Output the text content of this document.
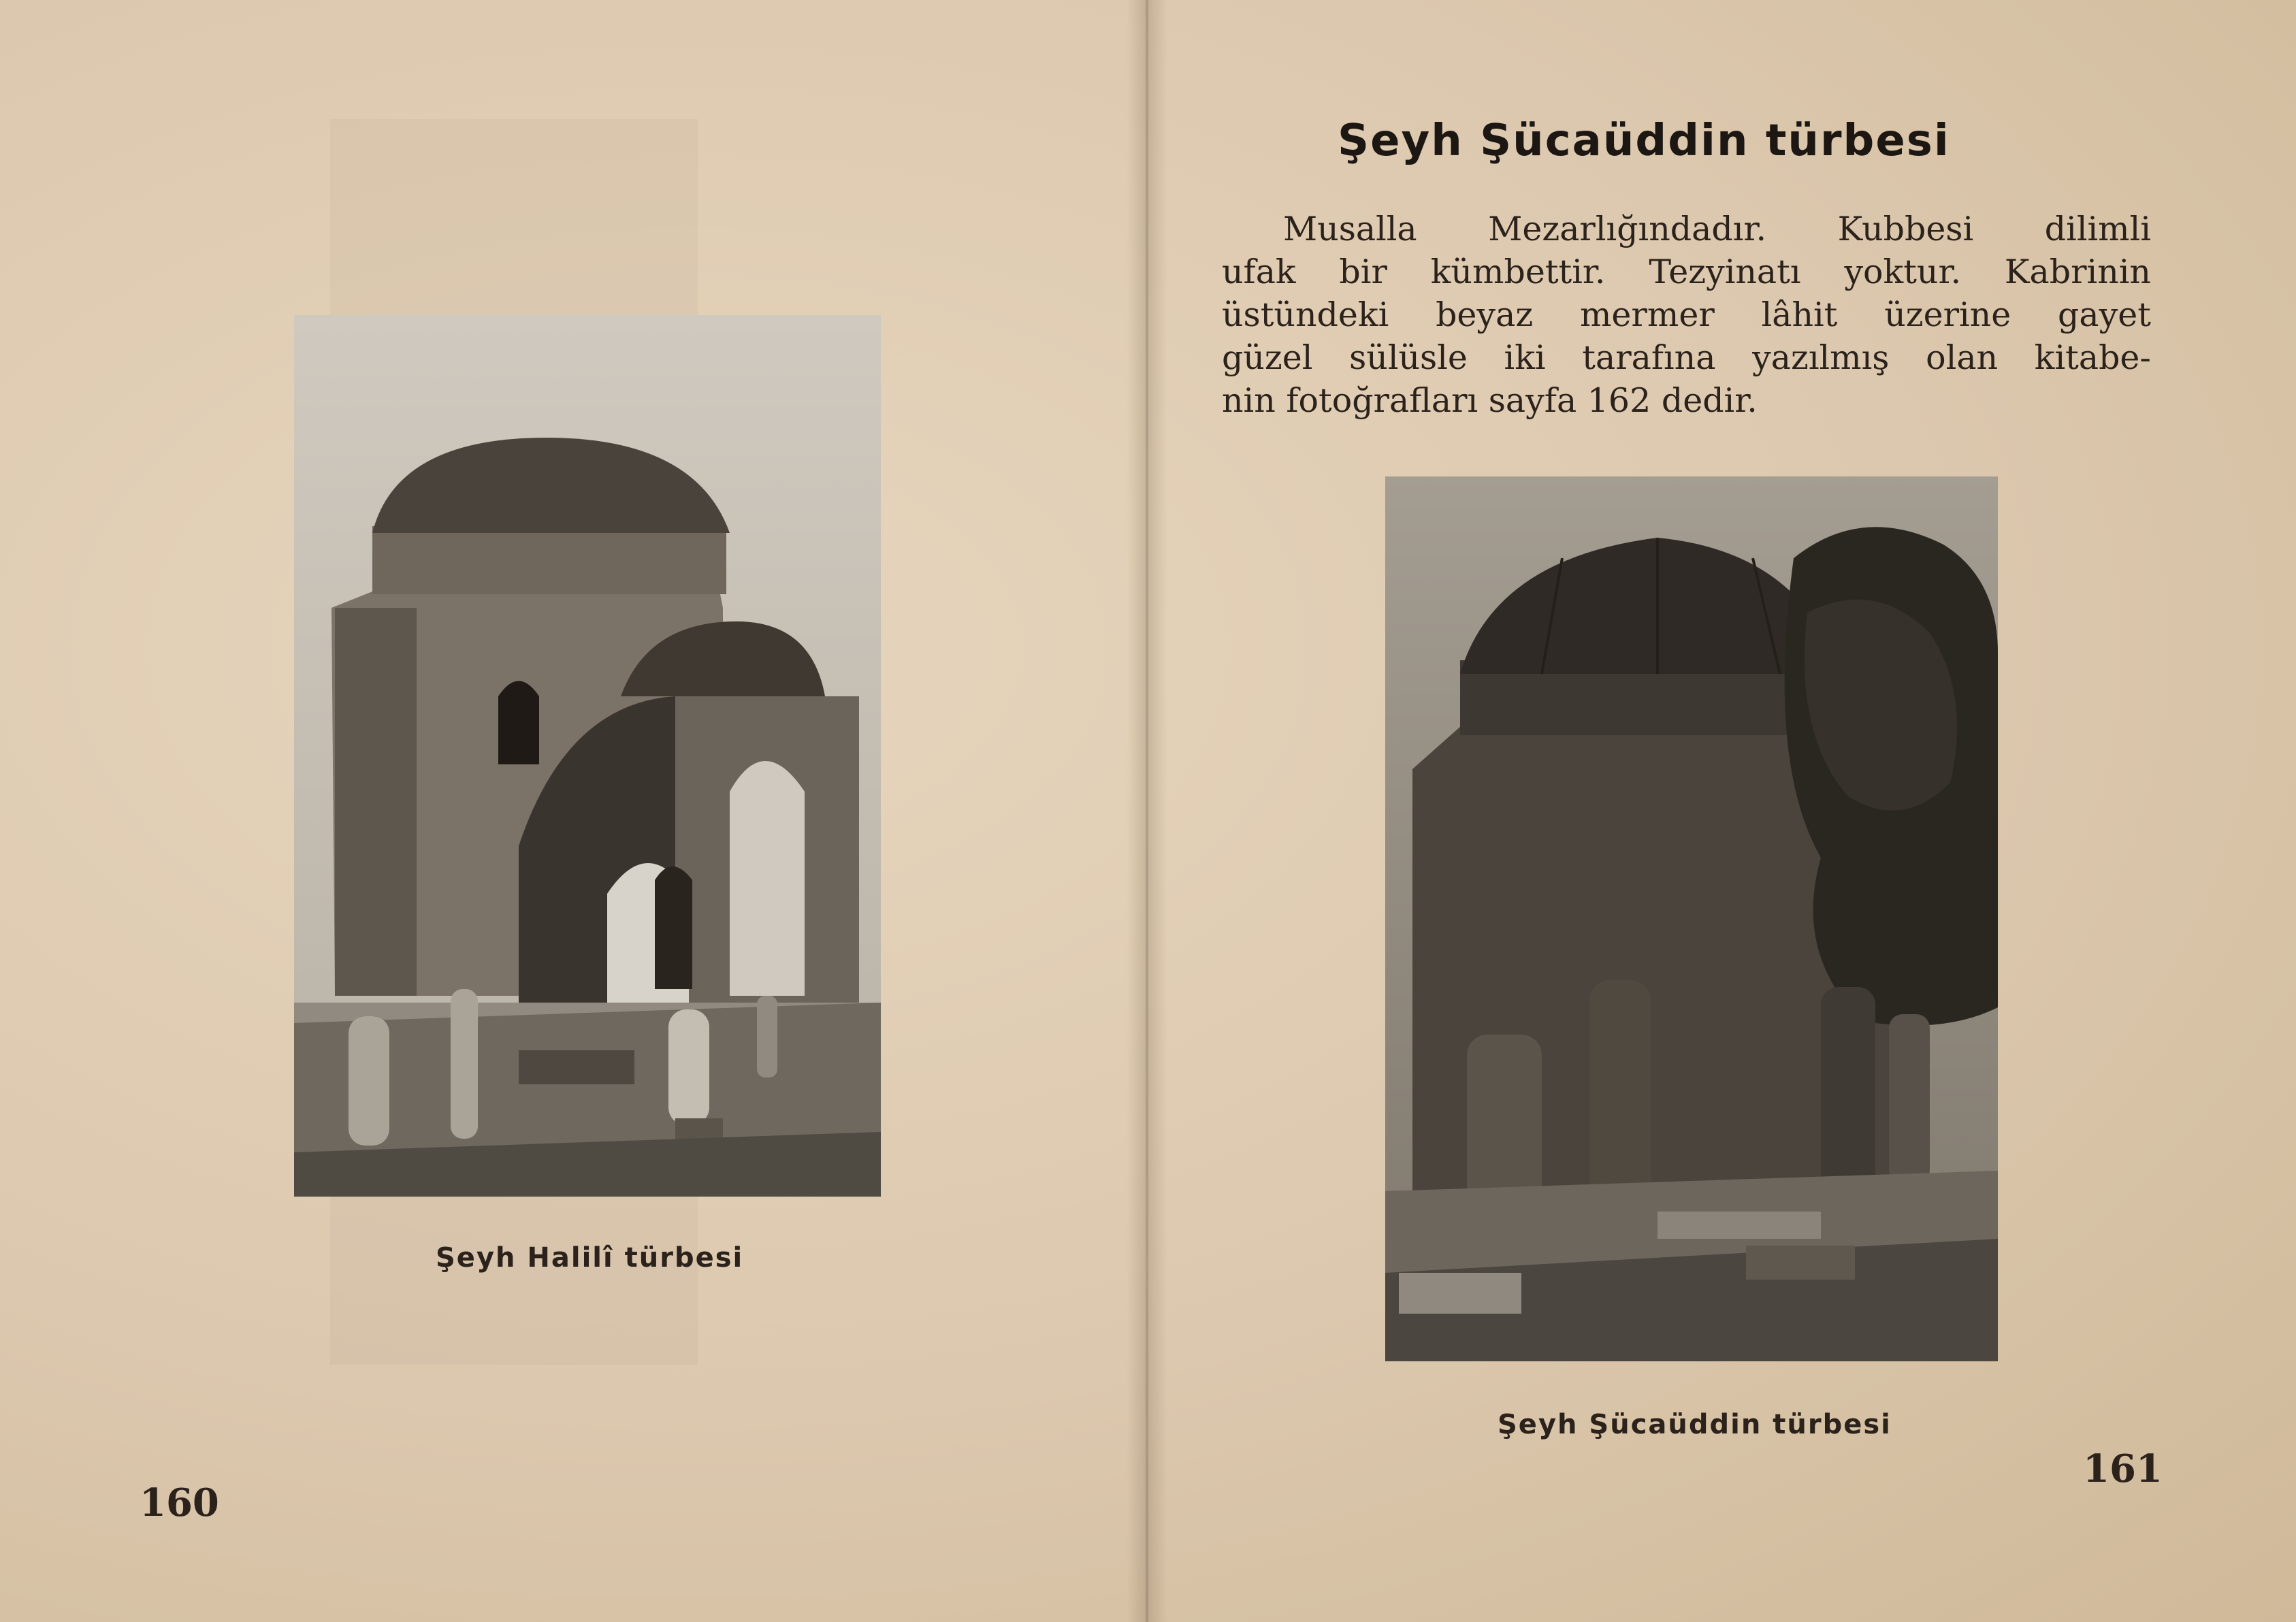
Şeyh Halilî türbesi
160
Şeyh Şücaüddin türbesi
Musalla Mezarlığındadır. Kubbesi dilimli
ufak bir kümbettir. Tezyinatı yoktur. Kabrinin
üstündeki beyaz mermer lâhit üzerine gayet
güzel sülüsle iki tarafına yazılmış olan kitabe-
nin fotoğrafları sayfa 162 dedir.
Şeyh Şücaüddin türbesi
161
